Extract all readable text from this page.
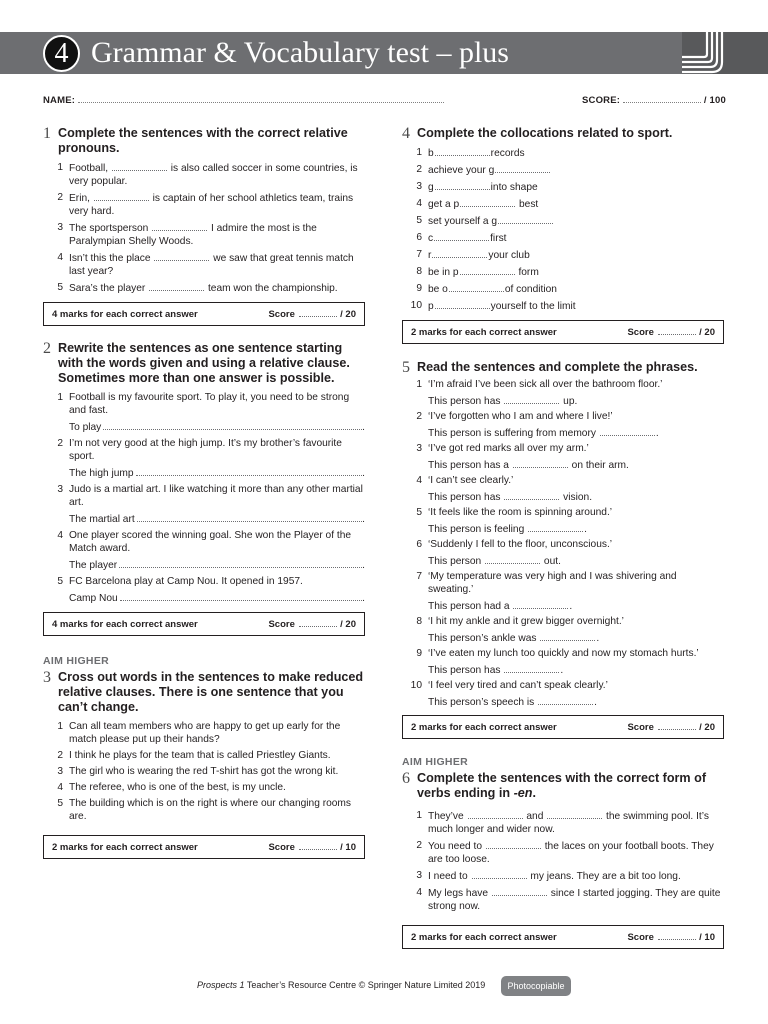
4 Grammar & Vocabulary test – plus
NAME:	SCORE:	/ 100
1 Complete the sentences with the correct relative pronouns.
1 Football,	is also called soccer in some countries, is very popular.
2 Erin,	is captain of her school athletics team, trains very hard.
3 The sportsperson	I admire the most is the Paralympian Shelly Woods.
4 Isn’t this the place	we saw that great tennis match last year?
5 Sara’s the player	team won the championship.
4 marks for each correct answer	Score	/ 20
2 Rewrite the sentences as one sentence starting with the words given and using a relative clause. Sometimes more than one answer is possible.
1 Football is my favourite sport. To play it, you need to be strong and fast.
To play	.
2 I’m not very good at the high jump. It’s my brother’s favourite sport.
The high jump	.
3 Judo is a martial art. I like watching it more than any other martial art.
The martial art	.
4 One player scored the winning goal. She won the Player of the Match award.
The player	.
5 FC Barcelona play at Camp Nou. It opened in 1957.
Camp Nou	.
4 marks for each correct answer	Score	/ 20
AIM HIGHER
3 Cross out words in the sentences to make reduced relative clauses. There is one sentence that you can’t change.
1 Can all team members who are happy to get up early for the match please put up their hands?
2 I think he plays for the team that is called Priestley Giants.
3 The girl who is wearing the red T-shirt has got the wrong kit.
4 The referee, who is one of the best, is my uncle.
5 The building which is on the right is where our changing rooms are.
2 marks for each correct answer	Score	/ 10
4 Complete the collocations related to sport.
1 b	records
2 achieve your g
3 g	into shape
4 get a p	best
5 set yourself a g
6 c	first
7 r	your club
8 be in p	form
9 be o	of condition
10 p	yourself to the limit
2 marks for each correct answer	Score	/ 20
5 Read the sentences and complete the phrases.
1 ‘I’m afraid I’ve been sick all over the bathroom floor.’
This person has	up.
2 ‘I’ve forgotten who I am and where I live!’
This person is suffering from memory	.
3 ‘I’ve got red marks all over my arm.’
This person has a	on their arm.
4 ‘I can’t see clearly.’
This person has	vision.
5 ‘It feels like the room is spinning around.’
This person is feeling	.
6 ‘Suddenly I fell to the floor, unconscious.’
This person	out.
7 ‘My temperature was very high and I was shivering and sweating.’
This person had a	.
8 ‘I hit my ankle and it grew bigger overnight.’
This person’s ankle was	.
9 ‘I’ve eaten my lunch too quickly and now my stomach hurts.’
This person has	.
10 ‘I feel very tired and can’t speak clearly.’
This person’s speech is	.
2 marks for each correct answer	Score	/ 20
AIM HIGHER
6 Complete the sentences with the correct form of verbs ending in -en.
1 They’ve	and	the swimming pool. It’s much longer and wider now.
2 You need to	the laces on your football boots. They are too loose.
3 I need to	my jeans. They are a bit too long.
4 My legs have	since I started jogging. They are quite strong now.
2 marks for each correct answer	Score	/ 10
Prospects 1 Teacher’s Resource Centre © Springer Nature Limited 2019	Photocopiable
